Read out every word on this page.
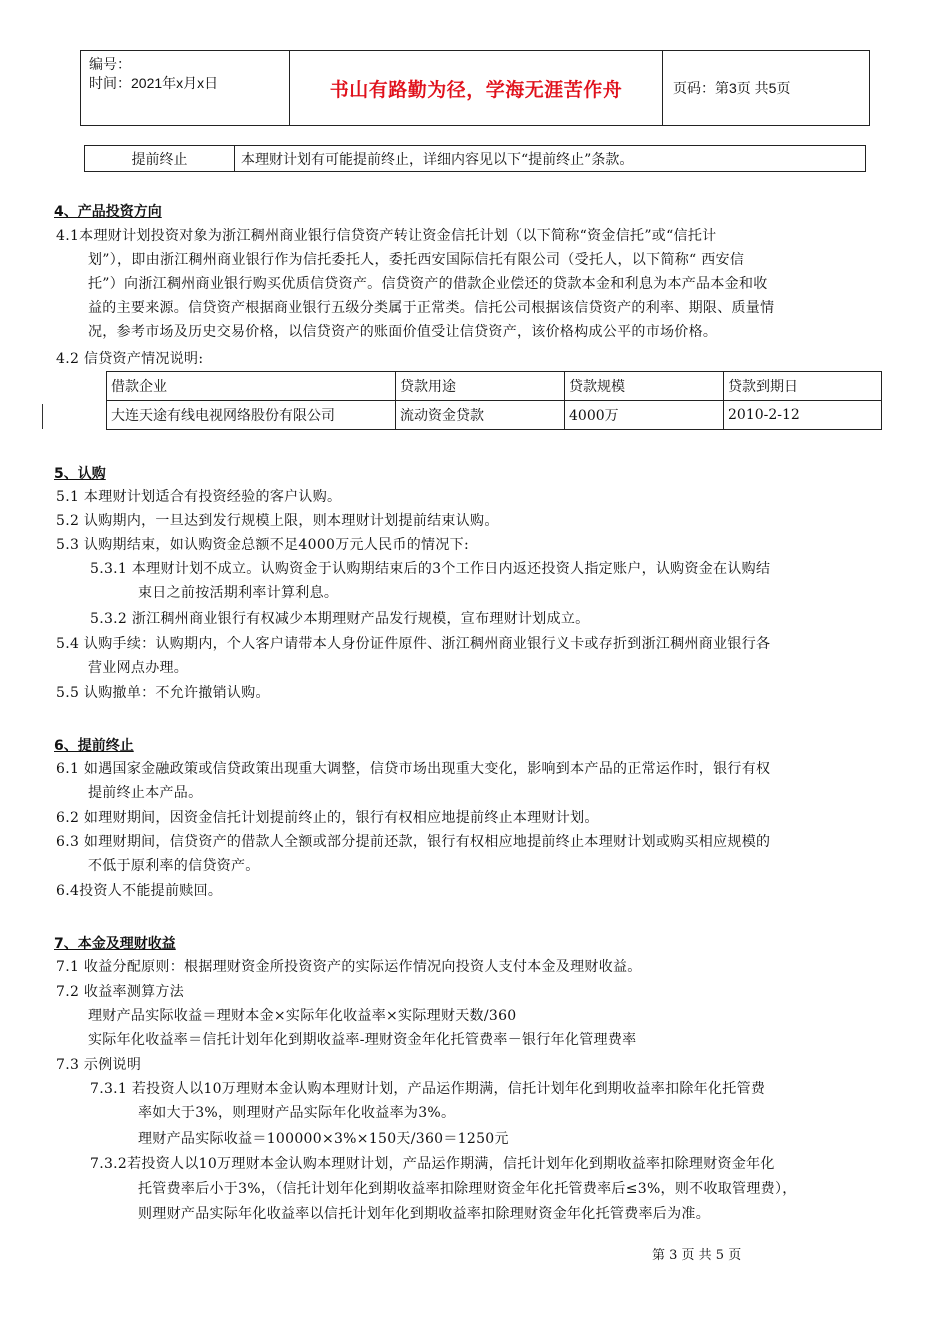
编号：
时间：2021年x月x日	书山有路勤为径，学海无涯苦作舟	页码：第3页 共5页
提前终止	本理财计划有可能提前终止，详细内容见以下“提前终止”条款。
4、产品投资方向
4.1本理财计划投资对象为浙江稠州商业银行信贷资产转让资金信托计划（以下简称“资金信托”或“信托计
划”），即由浙江稠州商业银行作为信托委托人，委托西安国际信托有限公司（受托人，以下简称“ 西安信
托”）向浙江稠州商业银行购买优质信贷资产。信贷资产的借款企业偿还的贷款本金和利息为本产品本金和收
益的主要来源。信贷资产根据商业银行五级分类属于正常类。信托公司根据该信贷资产的利率、期限、质量情
况，参考市场及历史交易价格，以信贷资产的账面价值受让信贷资产，该价格构成公平的市场价格。
4.2 信贷资产情况说明:
借款企业	贷款用途	贷款规模	贷款到期日
大连天途有线电视网络股份有限公司	流动资金贷款	4000万	2010-2-12
5、认购
5.1 本理财计划适合有投资经验的客户认购。
5.2 认购期内，一旦达到发行规模上限，则本理财计划提前结束认购。
5.3 认购期结束，如认购资金总额不足4000万元人民币的情况下:
5.3.1 本理财计划不成立。认购资金于认购期结束后的3个工作日内返还投资人指定账户，认购资金在认购结
束日之前按活期利率计算利息。
5.3.2 浙江稠州商业银行有权减少本期理财产品发行规模，宣布理财计划成立。
5.4 认购手续：认购期内，个人客户请带本人身份证件原件、浙江稠州商业银行义卡或存折到浙江稠州商业银行各
营业网点办理。
5.5 认购撤单：不允许撤销认购。
6、提前终止
6.1 如遇国家金融政策或信贷政策出现重大调整，信贷市场出现重大变化，影响到本产品的正常运作时，银行有权
提前终止本产品。
6.2 如理财期间，因资金信托计划提前终止的，银行有权相应地提前终止本理财计划。
6.3 如理财期间，信贷资产的借款人全额或部分提前还款，银行有权相应地提前终止本理财计划或购买相应规模的
不低于原利率的信贷资产。
6.4投资人不能提前赎回。
7、本金及理财收益
7.1 收益分配原则：根据理财资金所投资资产的实际运作情况向投资人支付本金及理财收益。
7.2 收益率测算方法
理财产品实际收益＝理财本金×实际年化收益率×实际理财天数/360
实际年化收益率＝信托计划年化到期收益率-理财资金年化托管费率－银行年化管理费率
7.3 示例说明
7.3.1 若投资人以10万理财本金认购本理财计划，产品运作期满，信托计划年化到期收益率扣除年化托管费
率如大于3%，则理财产品实际年化收益率为3%。
理财产品实际收益＝100000×3%×150天/360＝1250元
7.3.2若投资人以10万理财本金认购本理财计划，产品运作期满，信托计划年化到期收益率扣除理财资金年化
托管费率后小于3%，（信托计划年化到期收益率扣除理财资金年化托管费率后≤3%，则不收取管理费），
则理财产品实际年化收益率以信托计划年化到期收益率扣除理财资金年化托管费率后为准。
第 3 页 共 5 页
